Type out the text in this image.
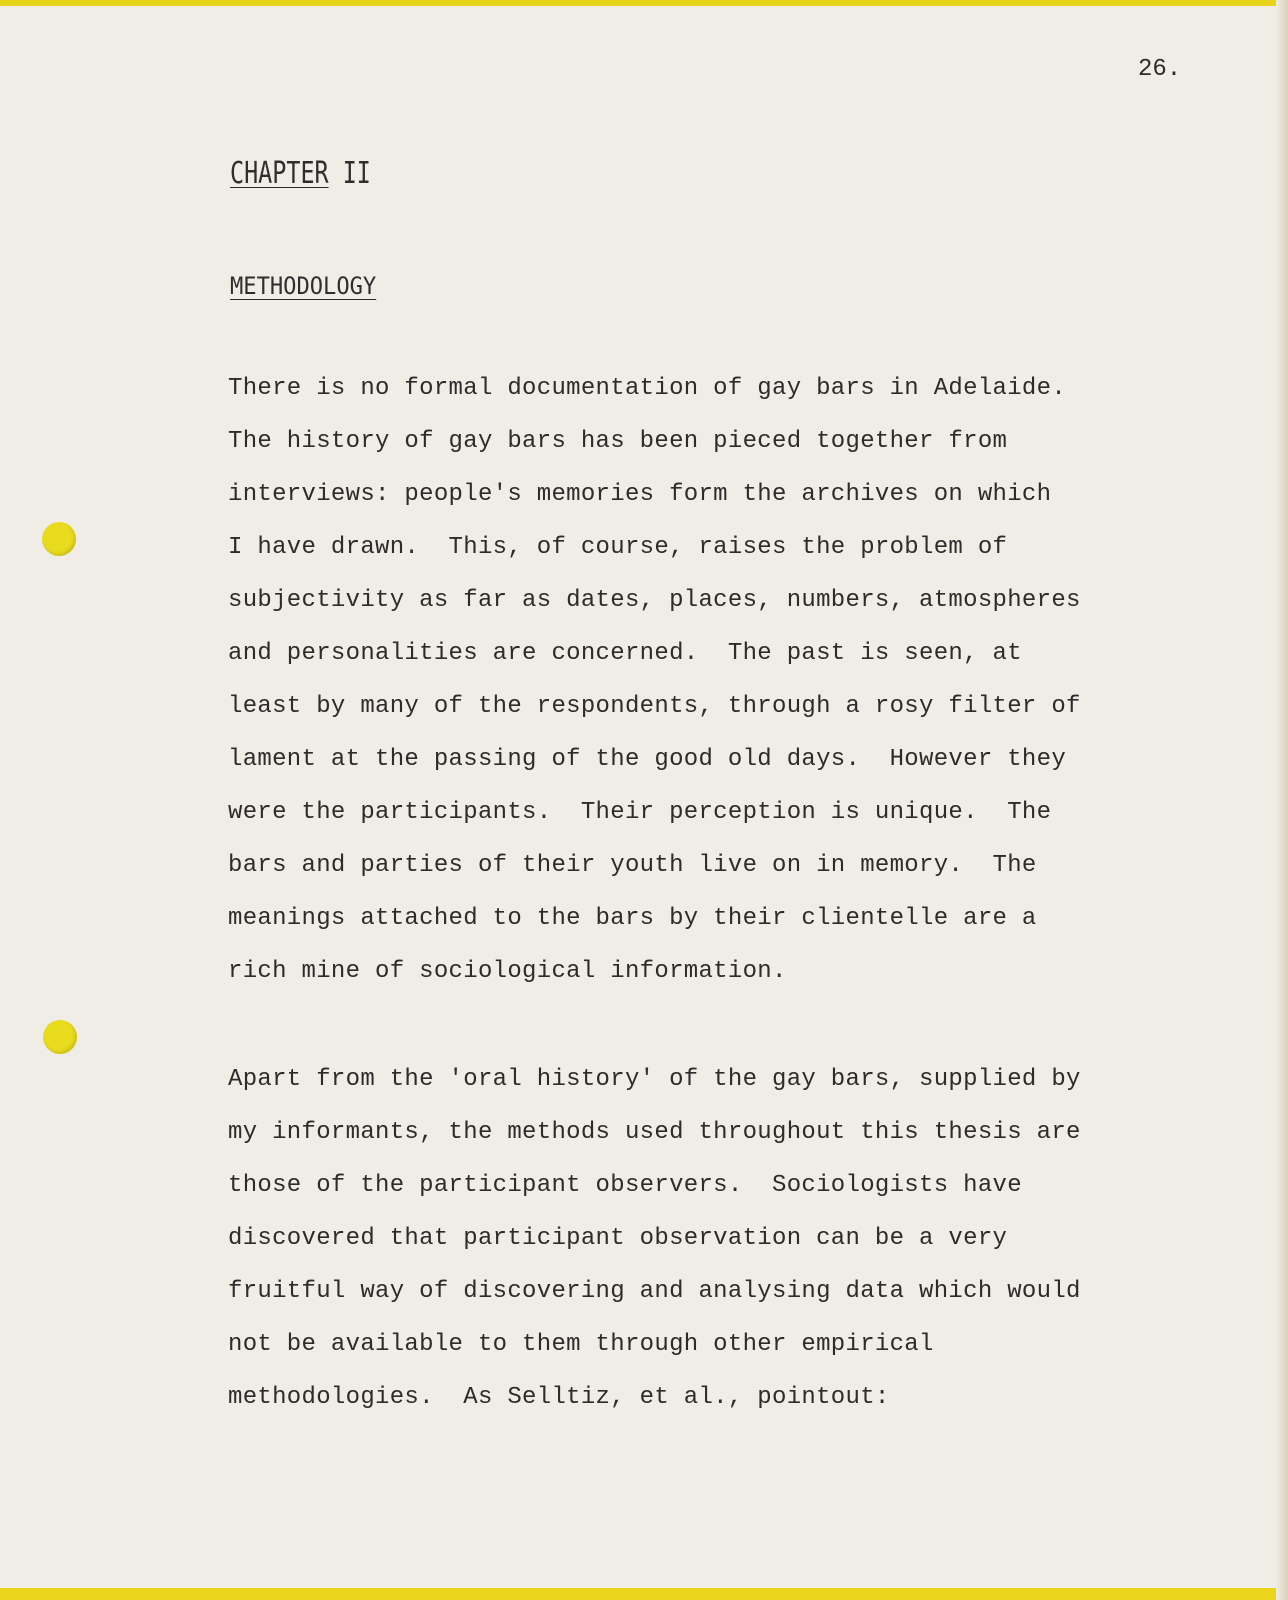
26.
CHAPTER II
METHODOLOGY
There is no formal documentation of gay bars in Adelaide.
The history of gay bars has been pieced together from
interviews: people's memories form the archives on which
I have drawn.  This, of course, raises the problem of
subjectivity as far as dates, places, numbers, atmospheres
and personalities are concerned.  The past is seen, at
least by many of the respondents, through a rosy filter of
lament at the passing of the good old days.  However they
were the participants.  Their perception is unique.  The
bars and parties of their youth live on in memory.  The
meanings attached to the bars by their clientelle are a
rich mine of sociological information.
Apart from the 'oral history' of the gay bars, supplied by
my informants, the methods used throughout this thesis are
those of the participant observers.  Sociologists have
discovered that participant observation can be a very
fruitful way of discovering and analysing data which would
not be available to them through other empirical
methodologies.  As Selltiz, et al., pointout:
